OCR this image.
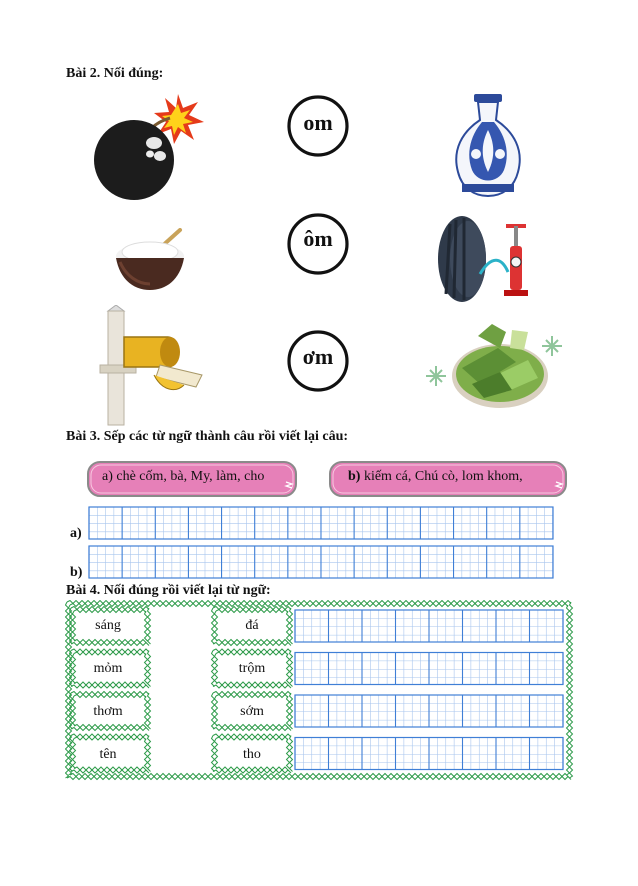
Bài 2. Nối đúng:
om
ôm
ơm
Bài 3. Sếp các từ ngữ thành câu rồi viết lại câu:
a) chè cốm, bà, My, làm, cho	b) kiếm cá, Chú cò, lom khom,
a)
b)
Bài 4. Nối đúng rồi viết lại từ ngữ:
sáng
mỏm
thơm
tên
đá
trộm
sớm
tho
